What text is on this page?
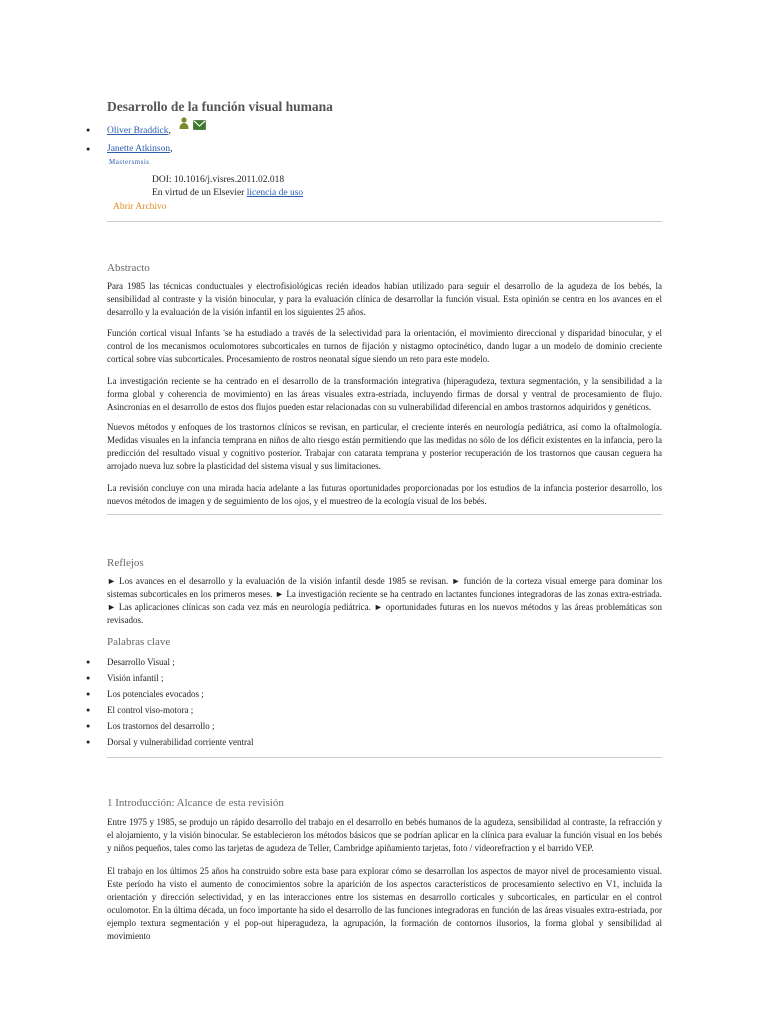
Desarrollo de la función visual humana
● Oliver Braddick,
● Janette Atkinson,
Mastersmsis
DOI: 10.1016/j.visres.2011.02.018
En virtud de un Elsevier licencia de uso
Abrir Archivo
Abstracto

Para 1985 las técnicas conductuales y electrofisiológicas recién ideados habían utilizado para seguir el desarrollo de la agudeza de los bebés, la sensibilidad al contraste y la visión binocular, y para la evaluación clínica de desarrollar la función visual. Esta opinión se centra en los avances en el desarrollo y la evaluación de la visión infantil en los siguientes 25 años.

Función cortical visual Infants 'se ha estudiado a través de la selectividad para la orientación, el movimiento direccional y disparidad binocular, y el control de los mecanismos oculomotores subcorticales en turnos de fijación y nistagmo optocinético, dando lugar a un modelo de dominio creciente cortical sobre vías subcorticales. Procesamiento de rostros neonatal sigue siendo un reto para este modelo.

La investigación reciente se ha centrado en el desarrollo de la transformación integrativa (hiperagudeza, textura segmentación, y la sensibilidad a la forma global y coherencia de movimiento) en las áreas visuales extra-estriada, incluyendo firmas de dorsal y ventral de procesamiento de flujo. Asincronías en el desarrollo de estos dos flujos pueden estar relacionadas con su vulnerabilidad diferencial en ambos trastornos adquiridos y genéticos.

Nuevos métodos y enfoques de los trastornos clínicos se revisan, en particular, el creciente interés en neurología pediátrica, así como la oftalmología. Medidas visuales en la infancia temprana en niños de alto riesgo están permitiendo que las medidas no sólo de los déficit existentes en la infancia, pero la predicción del resultado visual y cognitivo posterior. Trabajar con catarata temprana y posterior recuperación de los trastornos que causan ceguera ha arrojado nueva luz sobre la plasticidad del sistema visual y sus limitaciones.

La revisión concluye con una mirada hacia adelante a las futuras oportunidades proporcionadas por los estudios de la infancia posterior desarrollo, los nuevos métodos de imagen y de seguimiento de los ojos, y el muestreo de la ecología visual de los bebés.

Reflejos

► Los avances en el desarrollo y la evaluación de la visión infantil desde 1985 se revisan. ► función de la corteza visual emerge para dominar los sistemas subcorticales en los primeros meses. ► La investigación reciente se ha centrado en lactantes funciones integradoras de las zonas extra-estriada. ► Las aplicaciones clínicas son cada vez más en neurología pediátrica. ► oportunidades futuras en los nuevos métodos y las áreas problemáticas son revisados.

Palabras clave
● Desarrollo Visual ;
● Visión infantil ;
● Los potenciales evocados ;
● El control viso-motora ;
● Los trastornos del desarrollo ;
● Dorsal y vulnerabilidad corriente ventral
1 Introducción: Alcance de esta revisión

Entre 1975 y 1985, se produjo un rápido desarrollo del trabajo en el desarrollo en bebés humanos de la agudeza, sensibilidad al contraste, la refracción y el alojamiento, y la visión binocular. Se establecieron los métodos básicos que se podrían aplicar en la clínica para evaluar la función visual en los bebés y niños pequeños, tales como las tarjetas de agudeza de Teller, Cambridge apiñamiento tarjetas, foto / videorefraction y el barrido VEP.

El trabajo en los últimos 25 años ha construido sobre esta base para explorar cómo se desarrollan los aspectos de mayor nivel de procesamiento visual. Este período ha visto el aumento de conocimientos sobre la aparición de los aspectos característicos de procesamiento selectivo en V1, incluida la orientación y dirección selectividad, y en las interacciones entre los sistemas en desarrollo corticales y subcorticales, en particular en el control oculomotor. En la última década, un foco importante ha sido el desarrollo de las funciones integradoras en función de las áreas visuales extra-estriada, por ejemplo textura segmentación y el pop-out hiperagudeza, la agrupación, la formación de contornos ilusorios, la forma global y sensibilidad al movimiento
